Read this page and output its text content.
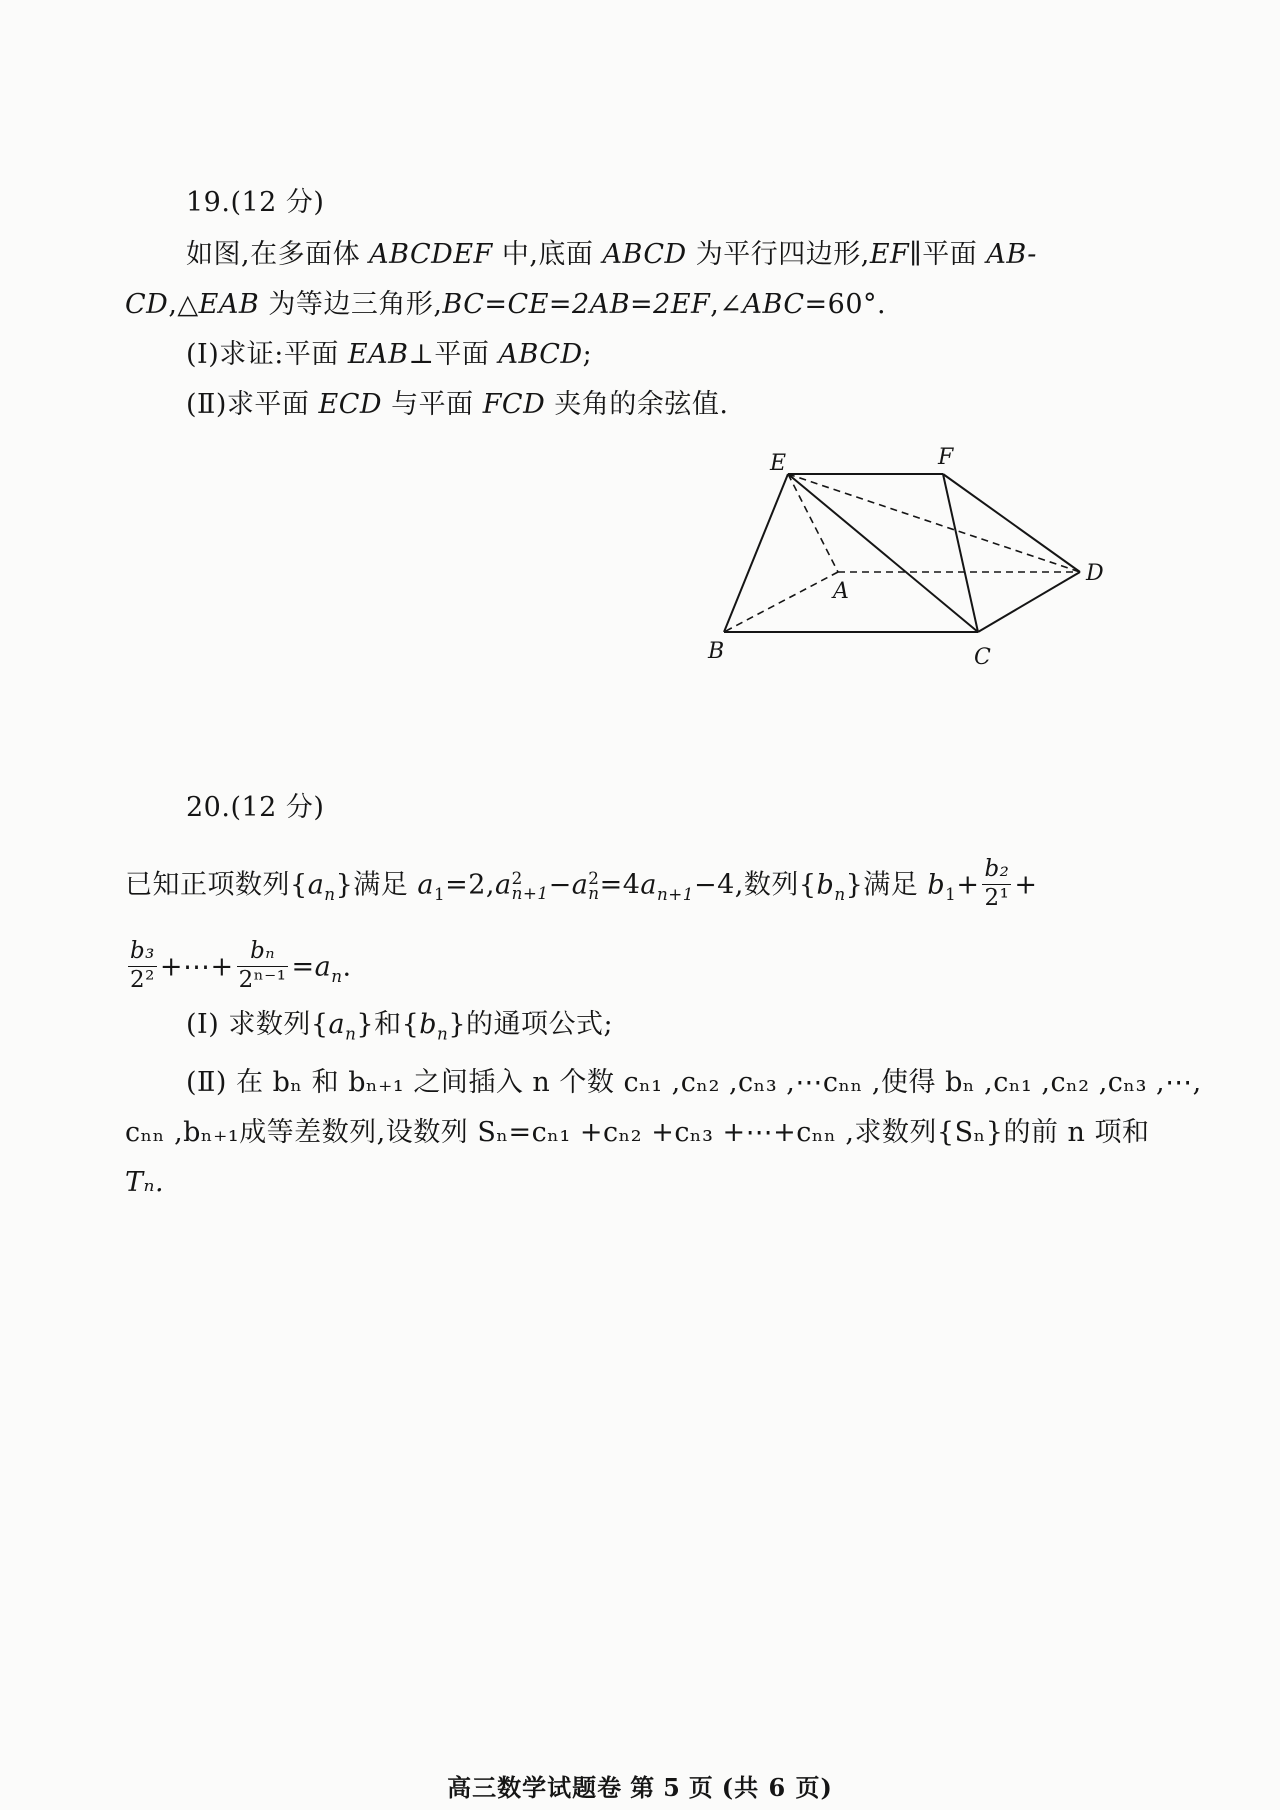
19.(12 分)
如图,在多面体 ABCDEF 中,底面 ABCD 为平行四边形,EF∥平面 AB-
CD,△EAB 为等边三角形,BC=CE=2AB=2EF,∠ABC=60°.
(Ⅰ)求证:平面 EAB⊥平面 ABCD;
(Ⅱ)求平面 ECD 与平面 FCD 夹角的余弦值.
E	F
A
B	C
D
20.(12 分)
已知正项数列$\{a_n\}$满足 $a_1=2,a$ 2
n+1 −a 2
$n =4a_{n+1}-4$,数列$\{b_n\}$满足 $b_1+ \frac{\text{b₂}}{\text{2¹}}$ +
$\frac{\text{b₃}}{\text{2²}}$ +⋯+ $\frac{\text{bₙ}}{\text{2ⁿ⁻¹}} =a_n$.
(Ⅰ) 求数列$\{a_n\}$和$\{b_n\}$的通项公式;
(Ⅱ) 在 bₙ 和 bₙ₊₁ 之间插入 n 个数 cₙ₁ ,cₙ₂ ,cₙ₃ ,⋯cₙₙ ,使得 bₙ ,cₙ₁ ,cₙ₂ ,cₙ₃ ,⋯,
cₙₙ ,bₙ₊₁成等差数列,设数列 Sₙ=cₙ₁ +cₙ₂ +cₙ₃ +⋯+cₙₙ ,求数列{Sₙ}的前 n 项和
Tₙ.
高三数学试题卷 第 5 页 (共 6 页)
